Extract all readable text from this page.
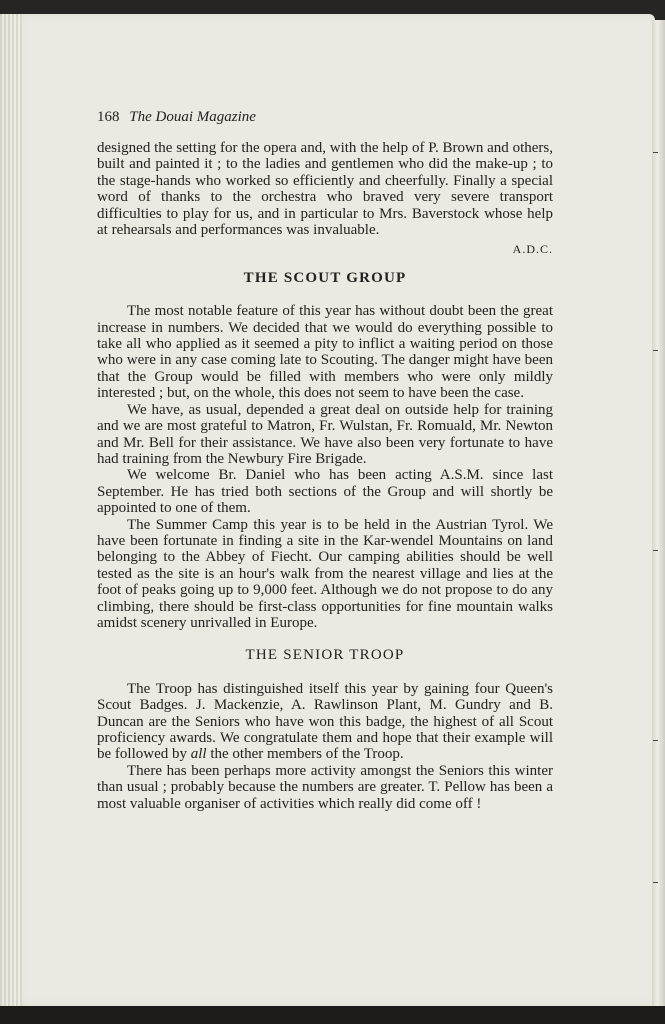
168 The Douai Magazine

designed the setting for the opera and, with the help of P. Brown and others, built and painted it ; to the ladies and gentlemen who did the make-up ; to the stage-hands who worked so efficiently and cheerfully. Finally a special word of thanks to the orchestra who braved very severe transport difficulties to play for us, and in particular to Mrs. Baverstock whose help at rehearsals and performances was invaluable.

A.D.C.
THE SCOUT GROUP

The most notable feature of this year has without doubt been the great increase in numbers. We decided that we would do everything possible to take all who applied as it seemed a pity to inflict a waiting period on those who were in any case coming late to Scouting. The danger might have been that the Group would be filled with members who were only mildly interested ; but, on the whole, this does not seem to have been the case.

We have, as usual, depended a great deal on outside help for training and we are most grateful to Matron, Fr. Wulstan, Fr. Romuald, Mr. Newton and Mr. Bell for their assistance. We have also been very fortunate to have had training from the Newbury Fire Brigade.

We welcome Br. Daniel who has been acting A.S.M. since last September. He has tried both sections of the Group and will shortly be appointed to one of them.

The Summer Camp this year is to be held in the Austrian Tyrol. We have been fortunate in finding a site in the Kar-wendel Mountains on land belonging to the Abbey of Fiecht. Our camping abilities should be well tested as the site is an hour's walk from the nearest village and lies at the foot of peaks going up to 9,000 feet. Although we do not propose to do any climbing, there should be first-class opportunities for fine mountain walks amidst scenery unrivalled in Europe.

THE SENIOR TROOP

The Troop has distinguished itself this year by gaining four Queen's Scout Badges. J. Mackenzie, A. Rawlinson Plant, M. Gundry and B. Duncan are the Seniors who have won this badge, the highest of all Scout proficiency awards. We congratulate them and hope that their example will be followed by all the other members of the Troop.

There has been perhaps more activity amongst the Seniors this winter than usual ; probably because the numbers are greater. T. Pellow has been a most valuable organiser of activities which really did come off !
